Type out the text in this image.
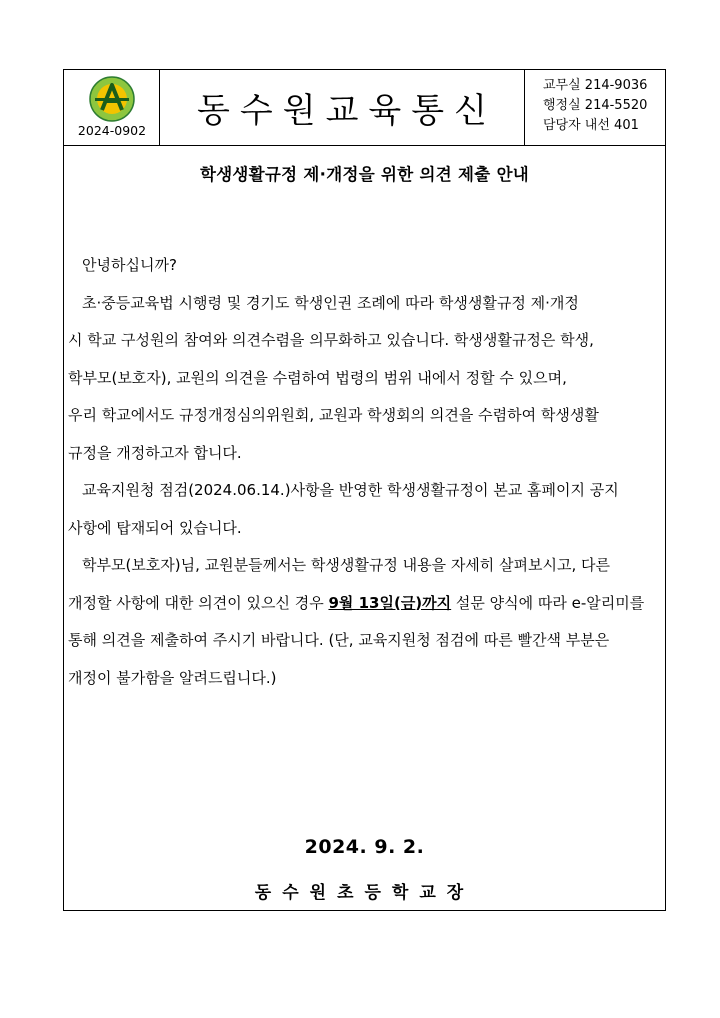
2024-0902	동수원교육통신
교무실 214-9036
행정실 214-5520
담당자 내선 401
학생생활규정 제·개정을 위한 의견 제출 안내

안녕하십니까?

초·중등교육법 시행령 및 경기도 학생인권 조례에 따라 학생생활규정 제·개정

시 학교 구성원의 참여와 의견수렴을 의무화하고 있습니다. 학생생활규정은 학생,

학부모(보호자), 교원의 의견을 수렴하여 법령의 범위 내에서 정할 수 있으며,

우리 학교에서도 규정개정심의위원회, 교원과 학생회의 의견을 수렴하여 학생생활

규정을 개정하고자 합니다.

교육지원청 점검(2024.06.14.)사항을 반영한 학생생활규정이 본교 홈페이지 공지

사항에 탑재되어 있습니다.

학부모(보호자)님, 교원분들께서는 학생생활규정 내용을 자세히 살펴보시고, 다른

개정할 사항에 대한 의견이 있으신 경우 9월 13일(금)까지 설문 양식에 따라 e-알리미를

통해 의견을 제출하여 주시기 바랍니다. (단, 교육지원청 점검에 따른 빨간색 부분은

개정이 불가함을 알려드립니다.)

2024. 9. 2.
동수원초등학교장
